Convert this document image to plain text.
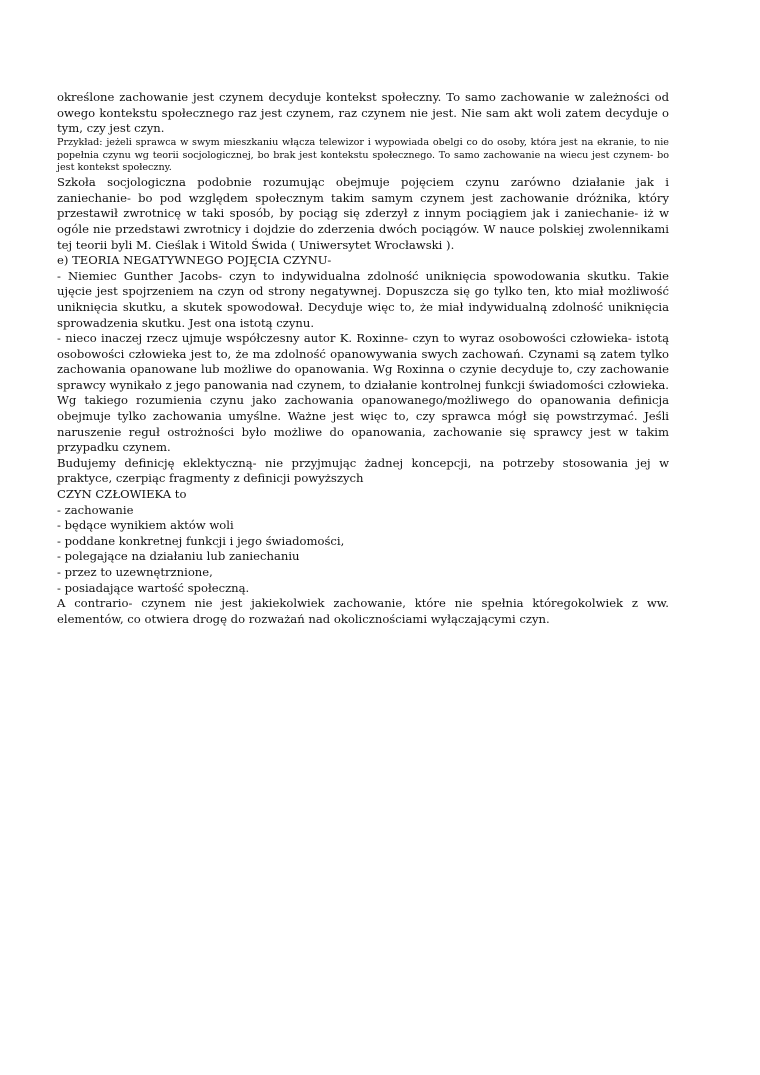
określone zachowanie jest czynem decyduje kontekst społeczny. To samo zachowanie w zależności od owego kontekstu społecznego raz jest czynem, raz czynem nie jest. Nie sam akt woli zatem decyduje o tym, czy jest czyn.

Przykład: jeżeli sprawca w swym mieszkaniu włącza telewizor i wypowiada obelgi co do osoby, która jest na ekranie, to nie popełnia czynu wg teorii socjologicznej, bo brak jest kontekstu społecznego. To samo zachowanie na wiecu jest czynem- bo jest kontekst społeczny.

Szkoła socjologiczna podobnie rozumując obejmuje pojęciem czynu zarówno działanie jak i zaniechanie- bo pod względem społecznym takim samym czynem jest zachowanie dróżnika, który przestawił zwrotnicę w taki sposób, by pociąg się zderzył z innym pociągiem jak i zaniechanie- iż w ogóle nie przedstawi zwrotnicy i dojdzie do zderzenia dwóch pociągów. W nauce polskiej zwolennikami tej teorii byli M. Cieślak i Witold Świda ( Uniwersytet Wrocławski ).

e) TEORIA NEGATYWNEGO POJĘCIA CZYNU-

- Niemiec Gunther Jacobs- czyn to indywidualna zdolność uniknięcia spowodowania skutku. Takie ujęcie jest spojrzeniem na czyn od strony negatywnej. Dopuszcza się go tylko ten, kto miał możliwość uniknięcia skutku, a skutek spowodował. Decyduje więc to, że miał indywidualną zdolność uniknięcia sprowadzenia skutku. Jest ona istotą czynu.

- nieco inaczej rzecz ujmuje współczesny autor K. Roxinne- czyn to wyraz osobowości człowieka- istotą osobowości człowieka jest to, że ma zdolność opanowywania swych zachowań. Czynami są zatem tylko zachowania opanowane lub możliwe do opanowania. Wg Roxinna o czynie decyduje to, czy zachowanie sprawcy wynikało z jego panowania nad czynem, to działanie kontrolnej funkcji świadomości człowieka. Wg takiego rozumienia czynu jako zachowania opanowanego/możliwego do opanowania definicja obejmuje tylko zachowania umyślne. Ważne jest więc to, czy sprawca mógł się powstrzymać. Jeśli naruszenie reguł ostrożności było możliwe do opanowania, zachowanie się sprawcy jest w takim przypadku czynem.

Budujemy definicję eklektyczną- nie przyjmując żadnej koncepcji, na potrzeby stosowania jej w praktyce, czerpiąc fragmenty z definicji powyższych

CZYN CZŁOWIEKA to

- zachowanie

- będące wynikiem aktów woli

- poddane konkretnej funkcji i jego świadomości,

- polegające na działaniu lub zaniechaniu

- przez to uzewnętrznione,

- posiadające wartość społeczną.

A contrario- czynem nie jest jakiekolwiek zachowanie, które nie spełnia któregokolwiek z ww. elementów, co otwiera drogę do rozważań nad okolicznościami wyłączającymi czyn.
